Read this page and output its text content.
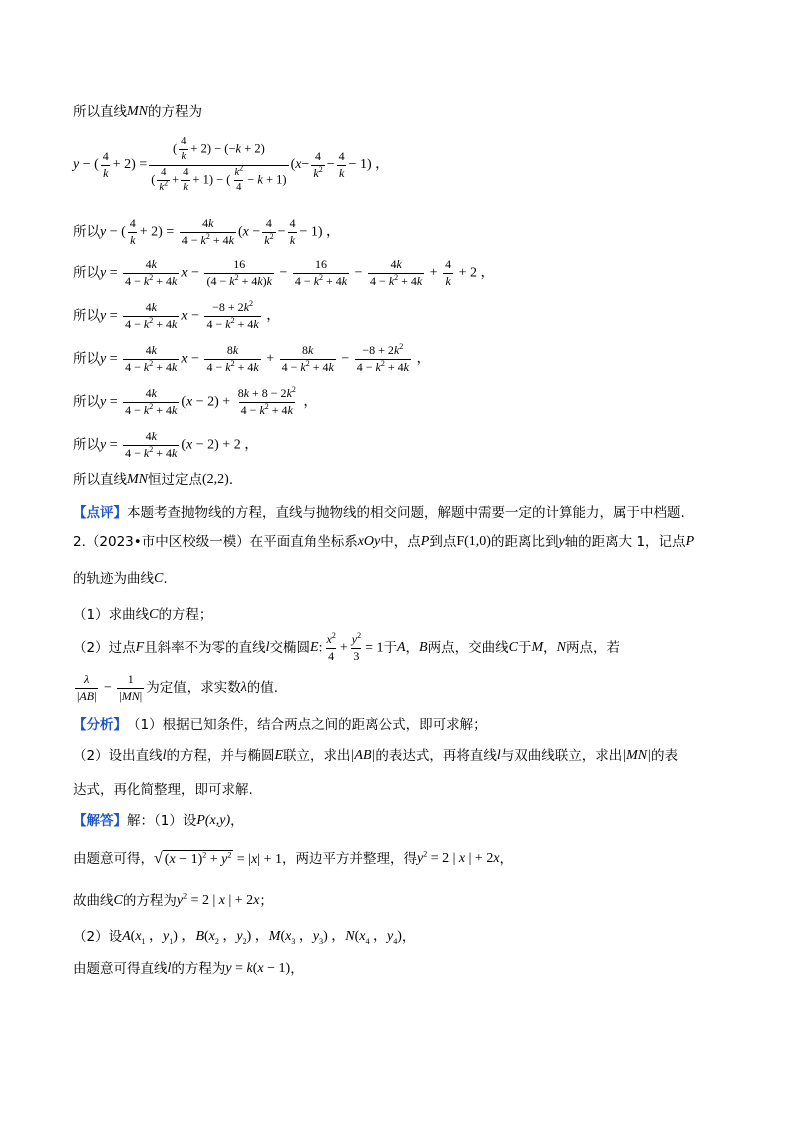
所以直线 MN 的方程为
y − (
4
k
+ 2) =
( $\frac{4}{k} + 2) - (-k + 2)$
( $\frac{4}{k^2} + \frac{4}{k} + 1$) − ( $\frac{k^2}{4} - k + 1$)
( x −
4
$k^2$ −
4
k
− 1) ，
所以 y − ( $\frac{4}{k} + 2) = \frac{4k}{4 - k^2 + 4k} (x - \frac{4}{k^2} - \frac{4}{k} - 1)$ ，
所以 $y = \frac{4k}{4 - k^2 + 4k}$ $x - \frac{16}{(4 - k^2 + 4k)k} - \frac{16}{4 - k^2 + 4k} - \frac{4k}{4 - k^2 + 4k} + \frac{4}{k} + 2$ ，
所以 $y = \frac{4k}{4 - k^2 + 4k}$ $x - \frac{-8 + 2k^2}{4 - k^2 + 4k}$ ，
所以 $y = \frac{4k}{4 - k^2 + 4k}$ $x - \frac{8k}{4 - k^2 + 4k} + \frac{8k}{4 - k^2 + 4k} - \frac{-8 + 2k^2}{4 - k^2 + 4k}$ ，
所以 $y = \frac{4k}{4 - k^2 + 4k} (x - 2) + \frac{8k + 8 - 2k^2}{4 - k^2 + 4k}$ ，
所以 $y = \frac{4k}{4 - k^2 + 4k} (x - 2) + 2$ ，
所以直线 MN 恒过定点 (2,2) .
【点评】 本题考查抛物线的方程，直线与抛物线的相交问题，解题中需要一定的计算能力，属于中档题.
2. （2023•市中区校级一模） 在平面直角坐标系 xOy 中，点 P 到点 F(1,0) 的距离比到 y 轴的距离大 1，记点 P
的轨迹为曲线 C .
（1）求曲线 C 的方程；
（2）过点 F 且斜率不为零的直线 l 交椭圆 E : $\frac{x^2}{4} + \frac{y^2}{3} = 1$ 于 A ， B 两点，交曲线 C 于 M ， N 两点，若
$\frac{\lambda}{|AB|} - \frac{1}{|MN|}$ 为定值，求实数 λ 的值.
【分析】 （1）根据已知条件，结合两点之间的距离公式，即可求解；
（2）设出直线 l 的方程，并与椭圆 E 联立，求出 |AB| 的表达式，再将直线 l 与双曲线联立，求出 |MN| 的表
达式，再化简整理，即可求解.
【解答】 解：（1）设 P(x,y) ，
由题意可得， √ $(x - 1)^2 + y^2 = |x| + 1$ ，两边平方并整理，得 $y^2 = 2$ | x | + 2x ，
故曲线 C 的方程为 $y^2 = 2$ | x | + 2x ；
（2）设 $A(x_1$ ，$y_1$) ，$B(x_2$ ，$y_2$) ，$M(x_3$ ，$y_3$) ，$N(x_4$ ，$y_4$) ，
由题意可得直线 l 的方程为 y = k(x − 1) ，
